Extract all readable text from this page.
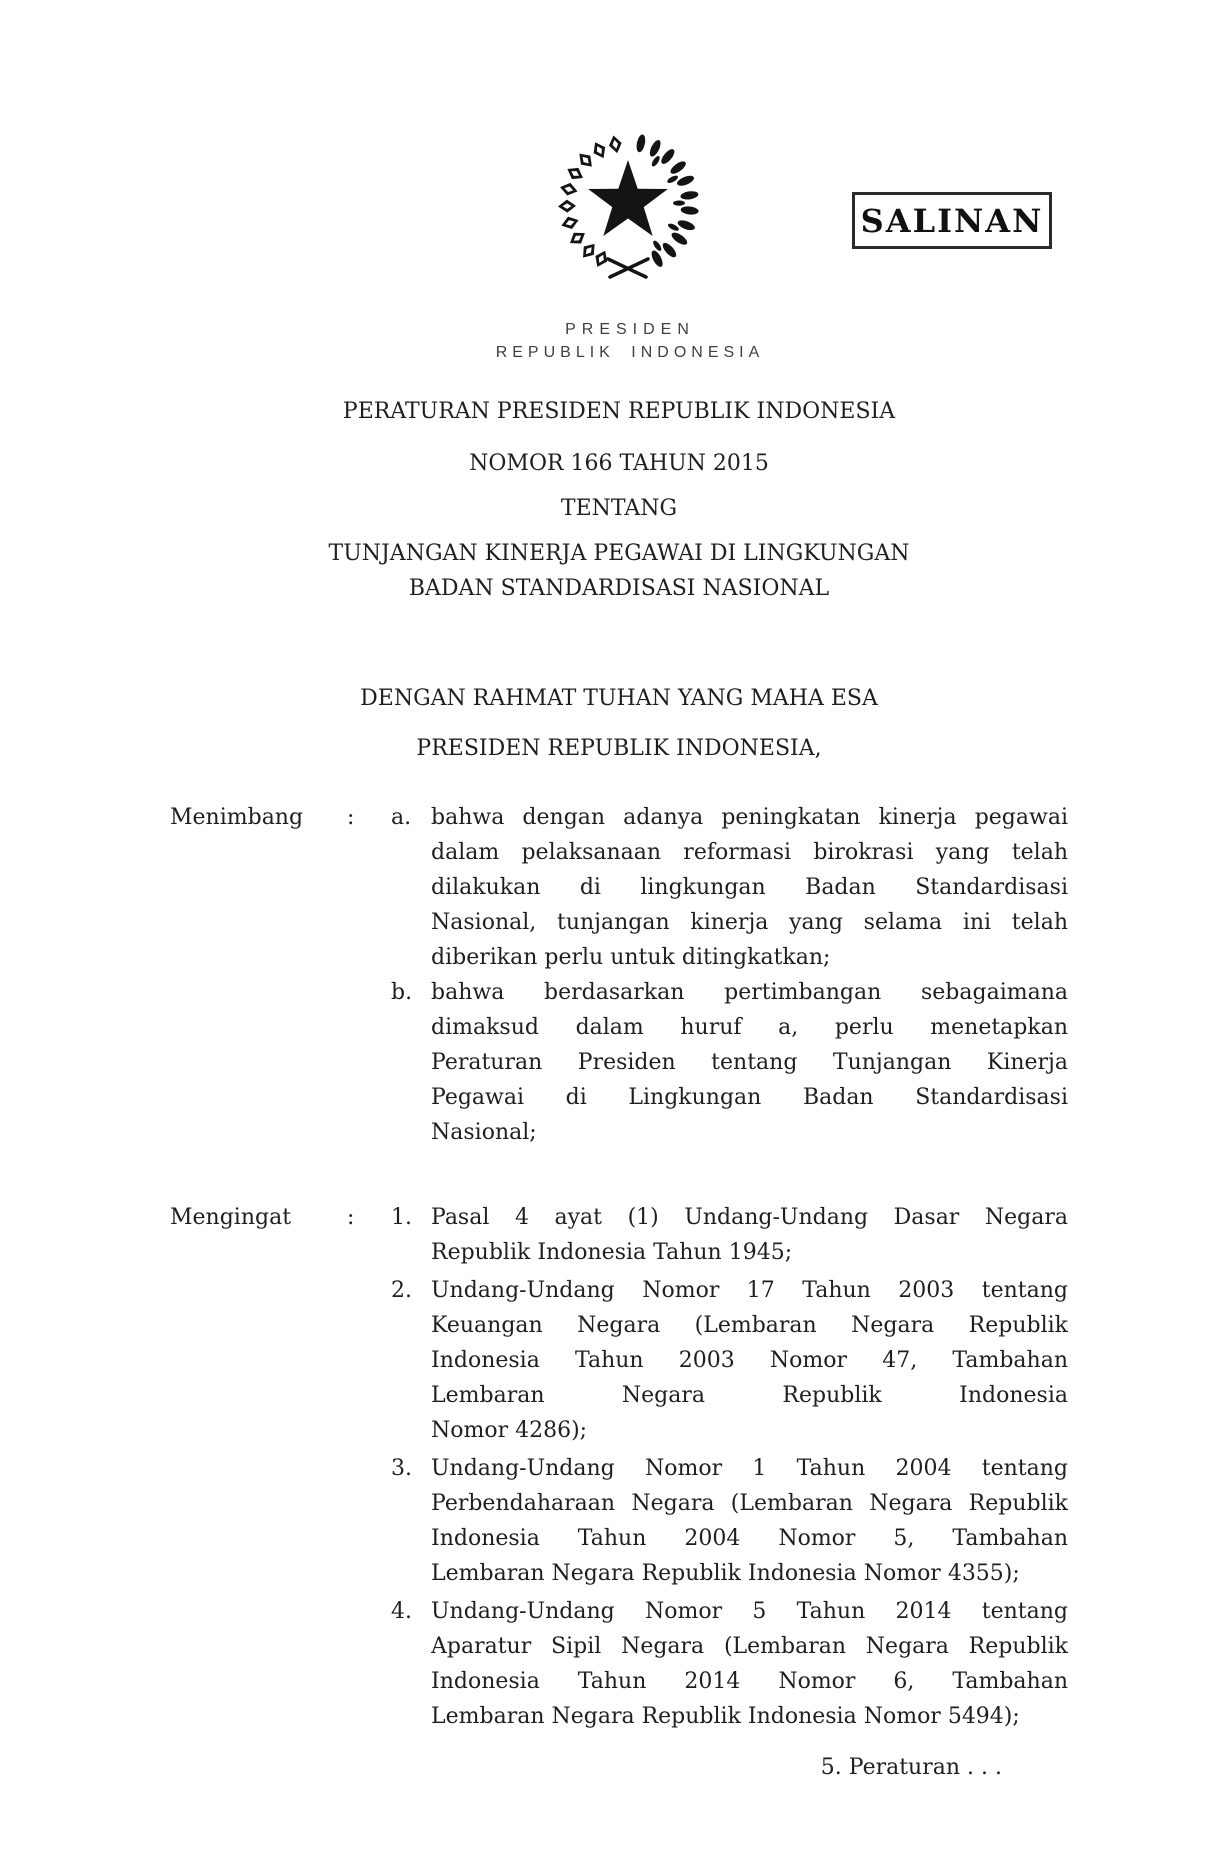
SALINAN
PRESIDEN
REPUBLIK INDONESIA
PERATURAN PRESIDEN REPUBLIK INDONESIA
NOMOR 166 TAHUN 2015
TENTANG
TUNJANGAN KINERJA PEGAWAI DI LINGKUNGAN
BADAN STANDARDISASI NASIONAL
DENGAN RAHMAT TUHAN YANG MAHA ESA
PRESIDEN REPUBLIK INDONESIA,
Menimbang	:	a. bahwa dengan adanya peningkatan kinerja pegawai
dalam pelaksanaan reformasi birokrasi yang telah
dilakukan di lingkungan Badan Standardisasi
Nasional, tunjangan kinerja yang selama ini telah
diberikan perlu untuk ditingkatkan;
b. bahwa berdasarkan pertimbangan sebagaimana
dimaksud dalam huruf a, perlu menetapkan
Peraturan Presiden tentang Tunjangan Kinerja
Pegawai di Lingkungan Badan Standardisasi
Nasional;
Mengingat	:	1. Pasal 4 ayat (1) Undang-Undang Dasar Negara
Republik Indonesia Tahun 1945;
2. Undang-Undang Nomor 17 Tahun 2003 tentang
Keuangan Negara (Lembaran Negara Republik
Indonesia Tahun 2003 Nomor 47, Tambahan
Lembaran Negara Republik Indonesia
Nomor 4286);
3. Undang-Undang Nomor 1 Tahun 2004 tentang
Perbendaharaan Negara (Lembaran Negara Republik
Indonesia Tahun 2004 Nomor 5, Tambahan
Lembaran Negara Republik Indonesia Nomor 4355);
4. Undang-Undang Nomor 5 Tahun 2014 tentang
Aparatur Sipil Negara (Lembaran Negara Republik
Indonesia Tahun 2014 Nomor 6, Tambahan
Lembaran Negara Republik Indonesia Nomor 5494);
5. Peraturan . . .
